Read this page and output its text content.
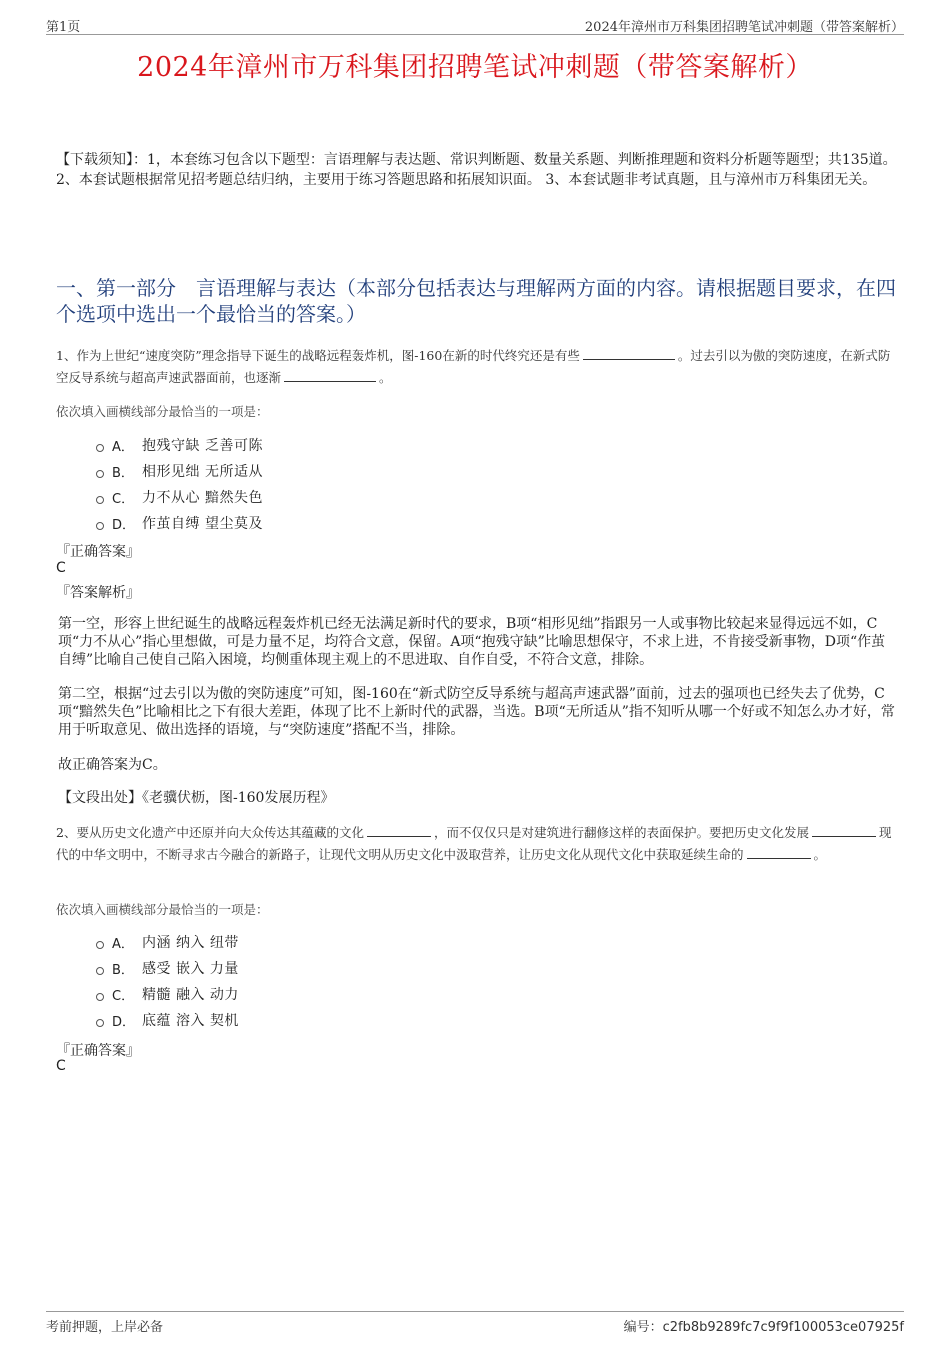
第1页	2024年漳州市万科集团招聘笔试冲刺题（带答案解析）
2024年漳州市万科集团招聘笔试冲刺题（带答案解析）
【下载须知】：1，本套练习包含以下题型：言语理解与表达题、常识判断题、数量关系题、判断推理题和资料分析题等题型；共135道。 2、本套试题根据常见招考题总结归纳，主要用于练习答题思路和拓展知识面。 3、本套试题非考试真题，且与漳州市万科集团无关。
一、第一部分　言语理解与表达（本部分包括表达与理解两方面的内容。请根据题目要求，在四个选项中选出一个最恰当的答案。）
1、作为上世纪“速度突防”理念指导下诞生的战略远程轰炸机，图-160在新的时代终究还是有些	。过去引以为傲的突防速度，在新式防空反导系统与超高声速武器面前，也逐渐	。
依次填入画横线部分最恰当的一项是：
A． 抱残守缺 乏善可陈
B． 相形见绌 无所适从
C． 力不从心 黯然失色
D． 作茧自缚 望尘莫及
『正确答案』
C
『答案解析』
第一空，形容上世纪诞生的战略远程轰炸机已经无法满足新时代的要求，B项“相形见绌”指跟另一人或事物比较起来显得远远不如，C项“力不从心”指心里想做，可是力量不足，均符合文意，保留。A项“抱残守缺”比喻思想保守，不求上进，不肯接受新事物，D项“作茧自缚”比喻自己使自己陷入困境，均侧重体现主观上的不思进取、自作自受，不符合文意，排除。
第二空，根据“过去引以为傲的突防速度”可知，图-160在“新式防空反导系统与超高声速武器”面前，过去的强项也已经失去了优势，C项“黯然失色”比喻相比之下有很大差距，体现了比不上新时代的武器，当选。B项“无所适从”指不知听从哪一个好或不知怎么办才好，常用于听取意见、做出选择的语境，与“突防速度”搭配不当，排除。
故正确答案为C。
【文段出处】《老骥伏枥，图-160发展历程》
2、要从历史文化遗产中还原并向大众传达其蕴藏的文化	，而不仅仅只是对建筑进行翻修这样的表面保护。要把历史文化发展	现代的中华文明中，不断寻求古今融合的新路子，让现代文明从历史文化中汲取营养，让历史文化从现代文化中获取延续生命的	。
依次填入画横线部分最恰当的一项是：
A． 内涵 纳入 纽带
B． 感受 嵌入 力量
C． 精髓 融入 动力
D． 底蕴 溶入 契机
『正确答案』
C
考前押题，上岸必备	编号：c2fb8b9289fc7c9f9f100053ce07925f
